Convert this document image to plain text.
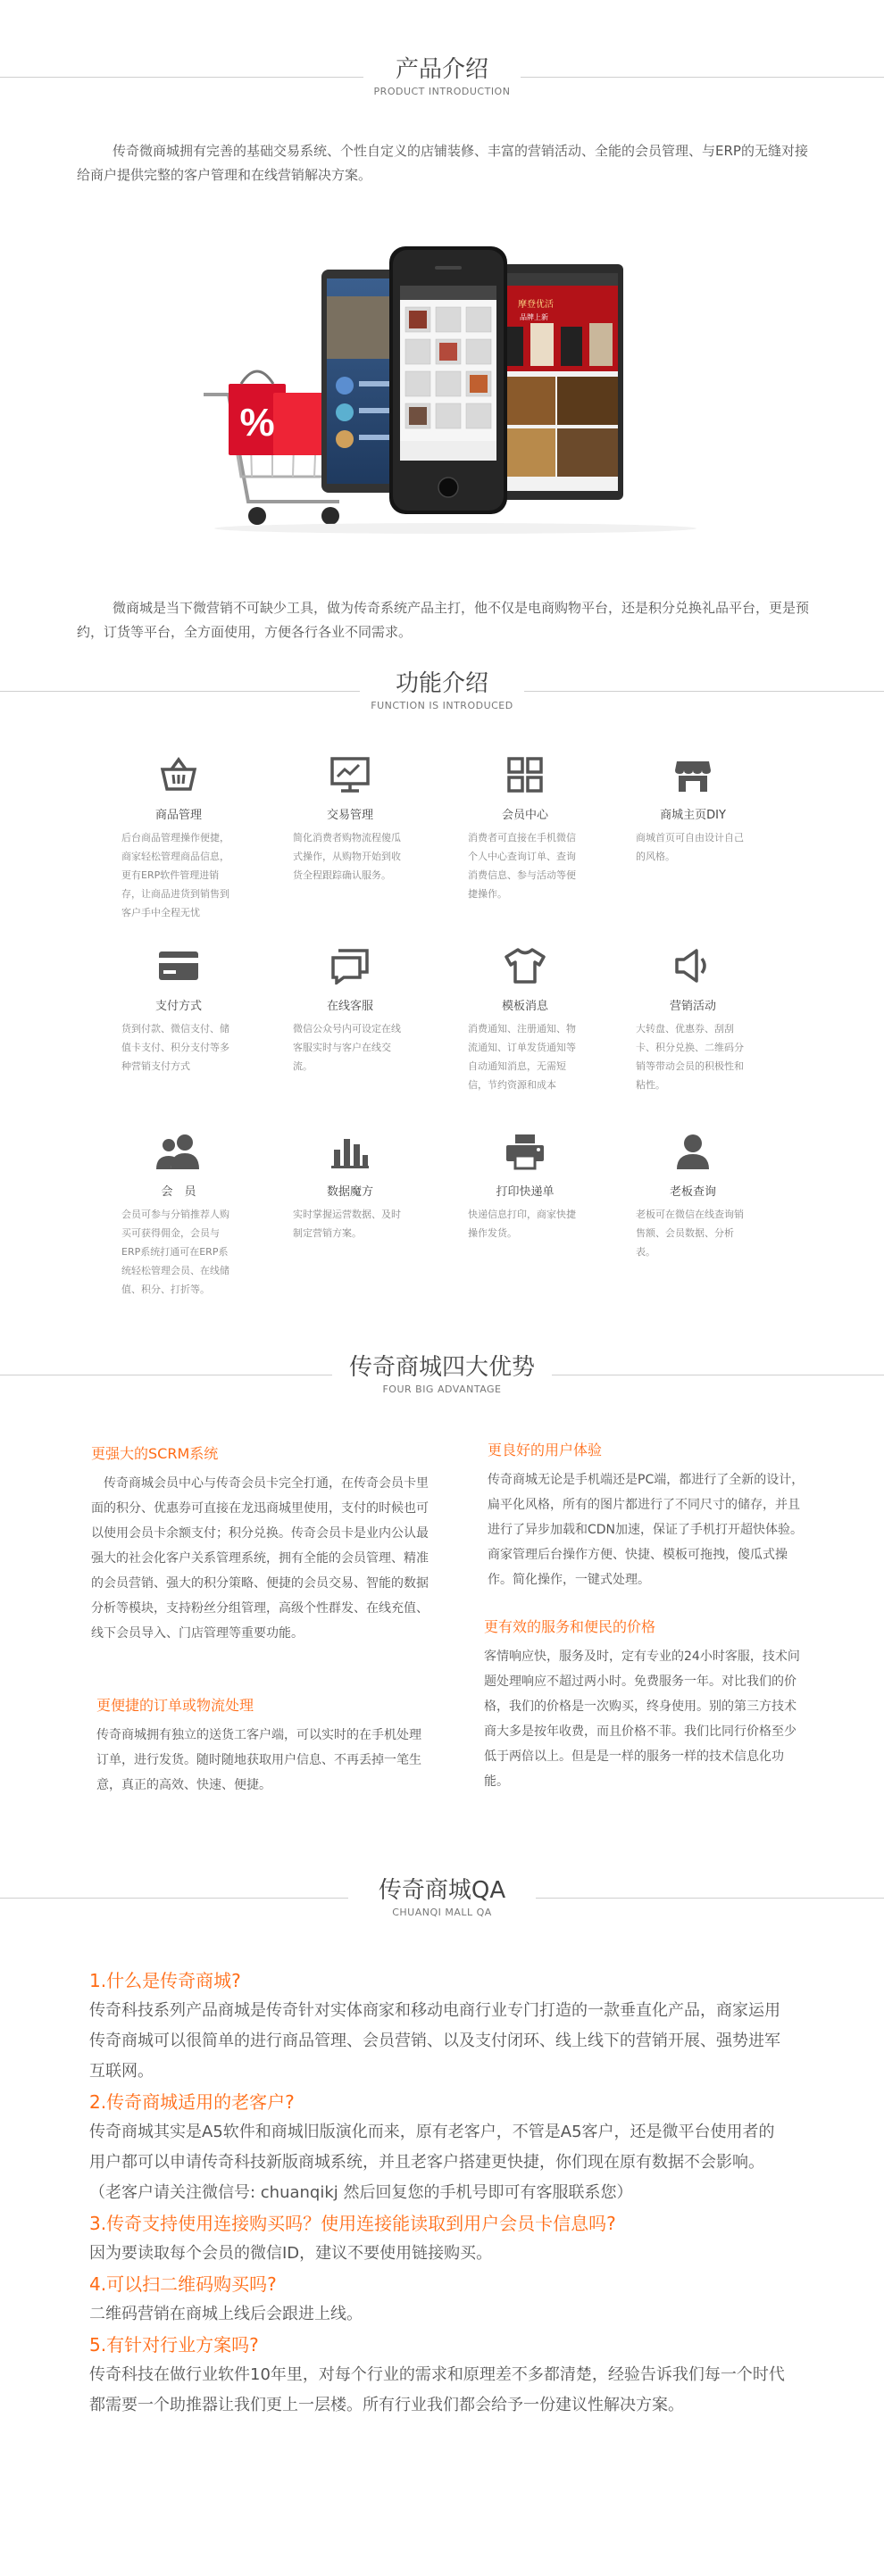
产品介绍
PRODUCT INTRODUCTION

传奇微商城拥有完善的基础交易系统、个性自定义的店铺装修、丰富的营销活动、全能的会员管理、与ERP的无缝对接给商户提供完整的客户管理和在线营销解决方案。

%
摩登优活
品牌上新

微商城是当下微营销不可缺少工具，做为传奇系统产品主打，他不仅是电商购物平台，还是积分兑换礼品平台，更是预约，订货等平台，全方面使用，方便各行各业不同需求。

功能介绍
FUNCTION IS INTRODUCED
商品管理
后台商品管理操作便捷，商家轻松管理商品信息，更有ERP软件管理进销存，让商品进货到销售到客户手中全程无忧
交易管理
简化消费者购物流程傻瓜式操作，从购物开始到收货全程跟踪确认服务。
会员中心
消费者可直接在手机微信个人中心查询订单、查询消费信息、参与活动等便捷操作。
商城主页DIY
商城首页可自由设计自己的风格。
支付方式
货到付款、微信支付、储值卡支付、积分支付等多种营销支付方式
在线客服
微信公众号内可设定在线客服实时与客户在线交流。
模板消息
消费通知、注册通知、物流通知、订单发货通知等自动通知消息，无需短信，节约资源和成本
营销活动
大转盘、优惠券、刮刮卡、积分兑换、二维码分销等带动会员的积极性和粘性。
会　员
会员可参与分销推荐人购买可获得佣金，会员与ERP系统打通可在ERP系统轻松管理会员、在线储值、积分、打折等。
数据魔方
实时掌握运营数据、及时制定营销方案。
打印快递单
快递信息打印，商家快捷操作发货。
老板查询
老板可在微信在线查询销售额、会员数据、分析表。
传奇商城四大优势
FOUR BIG ADVANTAGE
更强大的SCRM系统
传奇商城会员中心与传奇会员卡完全打通，在传奇会员卡里面的积分、优惠券可直接在龙迅商城里使用，支付的时候也可以使用会员卡余额支付；积分兑换。传奇会员卡是业内公认最强大的社会化客户关系管理系统，拥有全能的会员管理、精准的会员营销、强大的积分策略、便捷的会员交易、智能的数据分析等模块，支持粉丝分组管理，高级个性群发、在线充值、线下会员导入、门店管理等重要功能。
更良好的用户体验
传奇商城无论是手机端还是PC端，都进行了全新的设计，扁平化风格，所有的图片都进行了不同尺寸的储存，并且进行了异步加载和CDN加速，保证了手机打开超快体验。商家管理后台操作方便、快捷、模板可拖拽，傻瓜式操作。简化操作，一键式处理。
更便捷的订单或物流处理
传奇商城拥有独立的送货工客户端，可以实时的在手机处理订单，进行发货。随时随地获取用户信息、不再丢掉一笔生意，真正的高效、快速、便捷。
更有效的服务和便民的价格
客情响应快，服务及时，定有专业的24小时客服，技术问题处理响应不超过两小时。免费服务一年。对比我们的价格，我们的价格是一次购买，终身使用。别的第三方技术商大多是按年收费，而且价格不菲。我们比同行价格至少低于两倍以上。但是是一样的服务一样的技术信息化功能。
传奇商城QA
CHUANQI MALL QA
1.什么是传奇商城?
传奇科技系列产品商城是传奇针对实体商家和移动电商行业专门打造的一款垂直化产品，商家运用传奇商城可以很简单的进行商品管理、会员营销、以及支付闭环、线上线下的营销开展、强势进军互联网。
2.传奇商城适用的老客户?
传奇商城其实是A5软件和商城旧版演化而来，原有老客户，不管是A5客户，还是微平台使用者的用户都可以申请传奇科技新版商城系统，并且老客户搭建更快捷，你们现在原有数据不会影响。（老客户请关注微信号: chuanqikj 然后回复您的手机号即可有客服联系您）
3.传奇支持使用连接购买吗？使用连接能读取到用户会员卡信息吗?
因为要读取每个会员的微信ID，建议不要使用链接购买。
4.可以扫二维码购买吗?
二维码营销在商城上线后会跟进上线。
5.有针对行业方案吗?
传奇科技在做行业软件10年里，对每个行业的需求和原理差不多都清楚，经验告诉我们每一个时代都需要一个助推器让我们更上一层楼。所有行业我们都会给予一份建议性解决方案。
